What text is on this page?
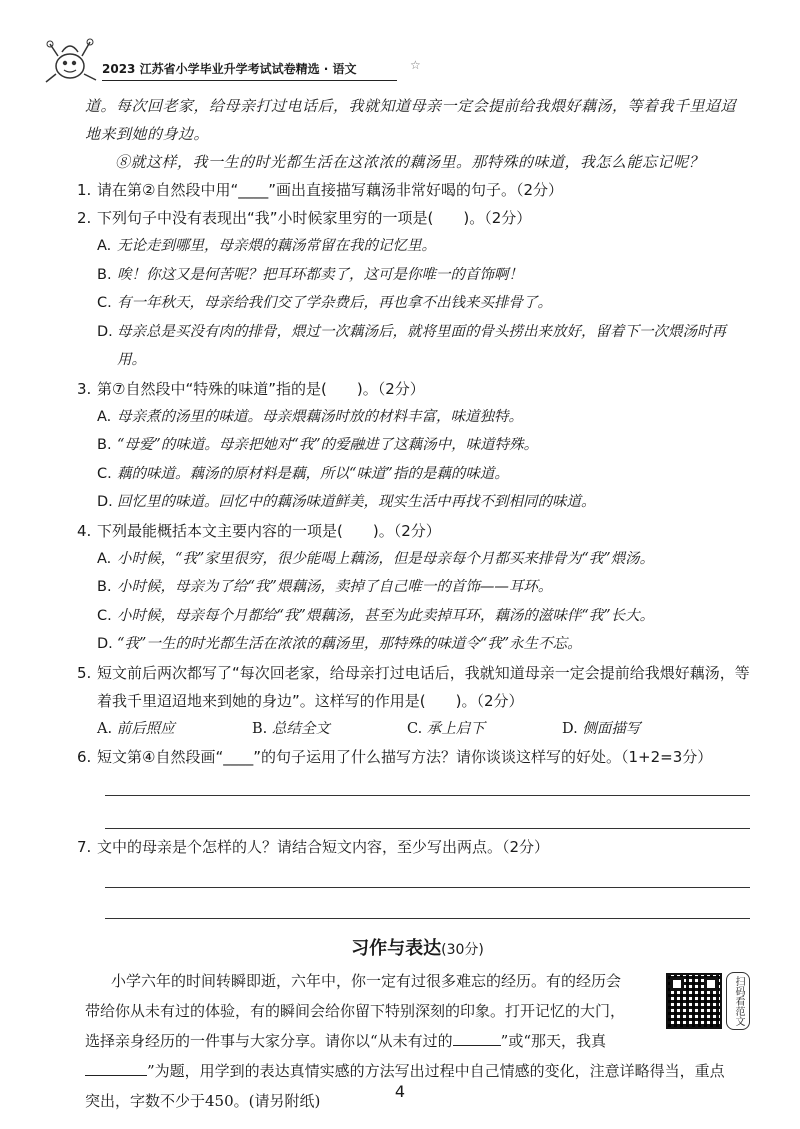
2023 江苏省小学毕业升学考试试卷精选 · 语文	☆

道。每次回老家，给母亲打过电话后，我就知道母亲一定会提前给我煨好藕汤，等着我千里迢迢地来到她的身边。

⑧就这样，我一生的时光都生活在这浓浓的藕汤里。那特殊的味道，我怎么能忘记呢？

1. 请在第②自然段中用“____”画出直接描写藕汤非常好喝的句子。（2分）
2. 下列句子中没有表现出“我”小时候家里穷的一项是(　　)。（2分）

A. 无论走到哪里，母亲煨的藕汤常留在我的记忆里。

B. 唉！你这又是何苦呢？把耳环都卖了，这可是你唯一的首饰啊！

C. 有一年秋天，母亲给我们交了学杂费后，再也拿不出钱来买排骨了。

D. 母亲总是买没有肉的排骨，煨过一次藕汤后，就将里面的骨头捞出来放好，留着下一次煨汤时再用。

3. 第⑦自然段中“特殊的味道”指的是(　　)。（2分）

A. 母亲煮的汤里的味道。母亲煨藕汤时放的材料丰富，味道独特。

B. “母爱”的味道。母亲把她对“我”的爱融进了这藕汤中，味道特殊。

C. 藕的味道。藕汤的原材料是藕，所以“味道”指的是藕的味道。

D. 回忆里的味道。回忆中的藕汤味道鲜美，现实生活中再找不到相同的味道。

4. 下列最能概括本文主要内容的一项是(　　)。（2分）

A. 小时候，“我”家里很穷，很少能喝上藕汤，但是母亲每个月都买来排骨为“我”煨汤。

B. 小时候，母亲为了给“我”煨藕汤，卖掉了自己唯一的首饰——耳环。

C. 小时候，母亲每个月都给“我”煨藕汤，甚至为此卖掉耳环，藕汤的滋味伴“我”长大。

D. “我”一生的时光都生活在浓浓的藕汤里，那特殊的味道令“我”永生不忘。

5. 短文前后两次都写了“每次回老家，给母亲打过电话后，我就知道母亲一定会提前给我煨好藕汤，等着我千里迢迢地来到她的身边”。这样写的作用是(　　)。（2分）
A. 前后照应	B. 总结全文	C. 承上启下	D. 侧面描写
6. 短文第④自然段画“____”的句子运用了什么描写方法？请你谈谈这样写的好处。（1+2=3分）
7. 文中的母亲是个怎样的人？请结合短文内容，至少写出两点。（2分）
习作与表达(30分)

小学六年的时间转瞬即逝，六年中，你一定有过很多难忘的经历。有的经历会

带给你从未有过的体验，有的瞬间会给你留下特别深刻的印象。打开记忆的大门，

选择亲身经历的一件事与大家分享。请你以“从未有过的	”或“那天，我真

”为题，用学到的表达真情实感的方法写出过程中自己情感的变化，注意详略得当，重点

突出，字数不少于450。(请另附纸)

扫码看范文
4
